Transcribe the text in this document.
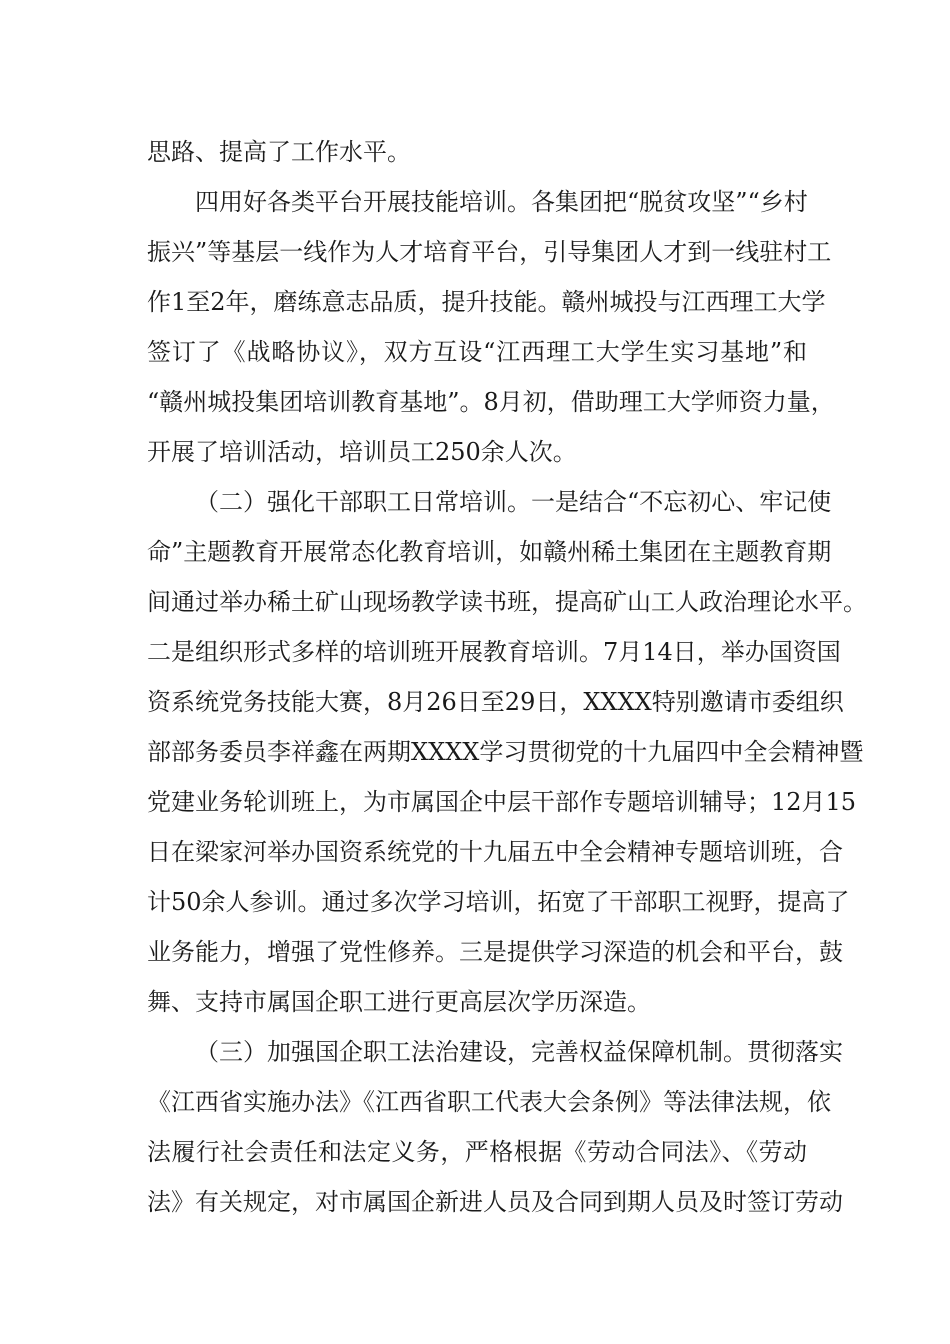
思路、提高了工作水平。
四用好各类平台开展技能培训。各集团把“脱贫攻坚”“乡村
振兴”等基层一线作为人才培育平台，引导集团人才到一线驻村工
作1至2年，磨练意志品质，提升技能。赣州城投与江西理工大学
签订了《战略协议》，双方互设“江西理工大学生实习基地”和
“赣州城投集团培训教育基地”。8月初，借助理工大学师资力量，
开展了培训活动，培训员工250余人次。
（二）强化干部职工日常培训。一是结合“不忘初心、牢记使
命”主题教育开展常态化教育培训，如赣州稀土集团在主题教育期
间通过举办稀土矿山现场教学读书班，提高矿山工人政治理论水平。
二是组织形式多样的培训班开展教育培训。7月14日，举办国资国
资系统党务技能大赛，8月26日至29日，XXXX特别邀请市委组织
部部务委员李祥鑫在两期XXXX学习贯彻党的十九届四中全会精神暨
党建业务轮训班上，为市属国企中层干部作专题培训辅导；12月15
日在梁家河举办国资系统党的十九届五中全会精神专题培训班，合
计50余人参训。通过多次学习培训，拓宽了干部职工视野，提高了
业务能力，增强了党性修养。三是提供学习深造的机会和平台，鼓
舞、支持市属国企职工进行更高层次学历深造。
（三）加强国企职工法治建设，完善权益保障机制。贯彻落实
《江西省实施办法》《江西省职工代表大会条例》等法律法规，依
法履行社会责任和法定义务，严格根据《劳动合同法》、《劳动
法》有关规定，对市属国企新进人员及合同到期人员及时签订劳动
